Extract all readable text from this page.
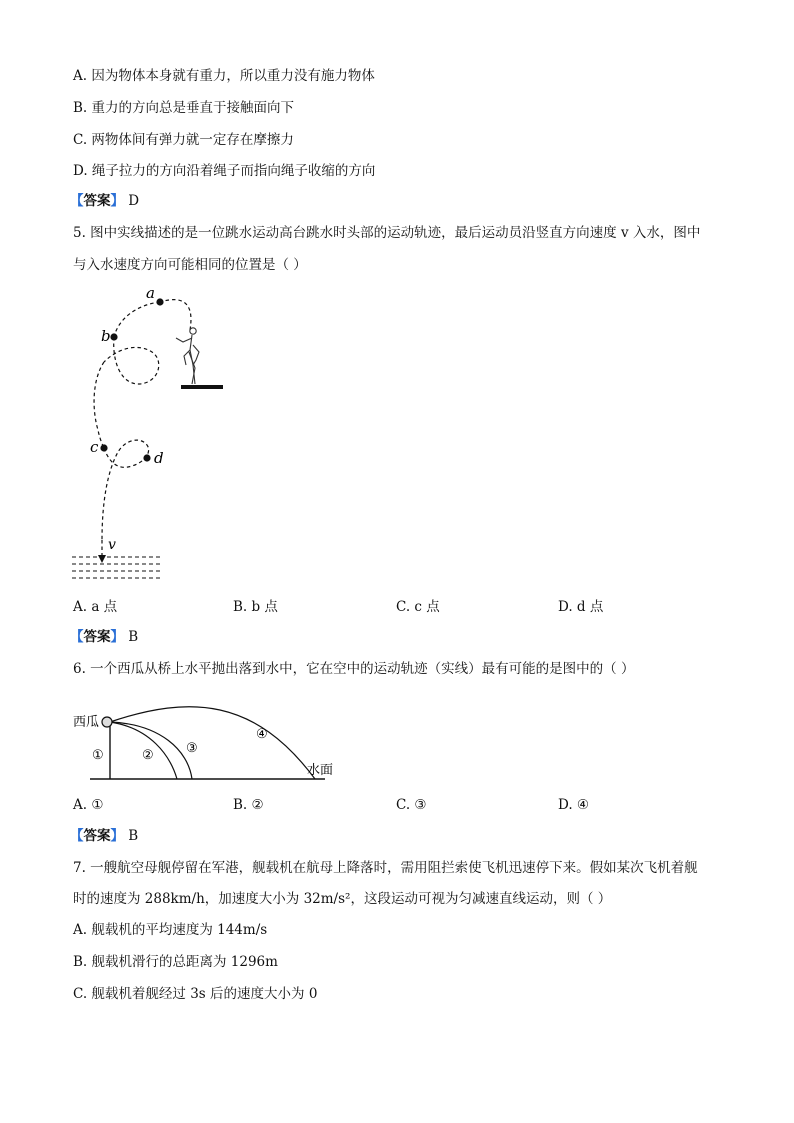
A. 因为物体本身就有重力，所以重力没有施力物体
B. 重力的方向总是垂直于接触面向下
C. 两物体间有弹力就一定存在摩擦力
D. 绳子拉力的方向沿着绳子而指向绳子收缩的方向
【答案】 D
5. 图中实线描述的是一位跳水运动高台跳水时头部的运动轨迹，最后运动员沿竖直方向速度 v 入水，图中
与入水速度方向可能相同的位置是（ ）
a
b
c
d
v
A. a 点	B. b 点	C. c 点	D. d 点
【答案】 B
6. 一个西瓜从桥上水平抛出落到水中，它在空中的运动轨迹（实线）最有可能的是图中的（ ）
西瓜
①	② ③
④
水面
A. ①	B. ②	C. ③	D. ④
【答案】 B
7. 一艘航空母舰停留在军港，舰载机在航母上降落时，需用阻拦索使飞机迅速停下来。假如某次飞机着舰
时的速度为 288km/h，加速度大小为 32m/s²，这段运动可视为匀减速直线运动，则（ ）
A. 舰载机的平均速度为 144m/s
B. 舰载机滑行的总距离为 1296m
C. 舰载机着舰经过 3s 后的速度大小为 0
